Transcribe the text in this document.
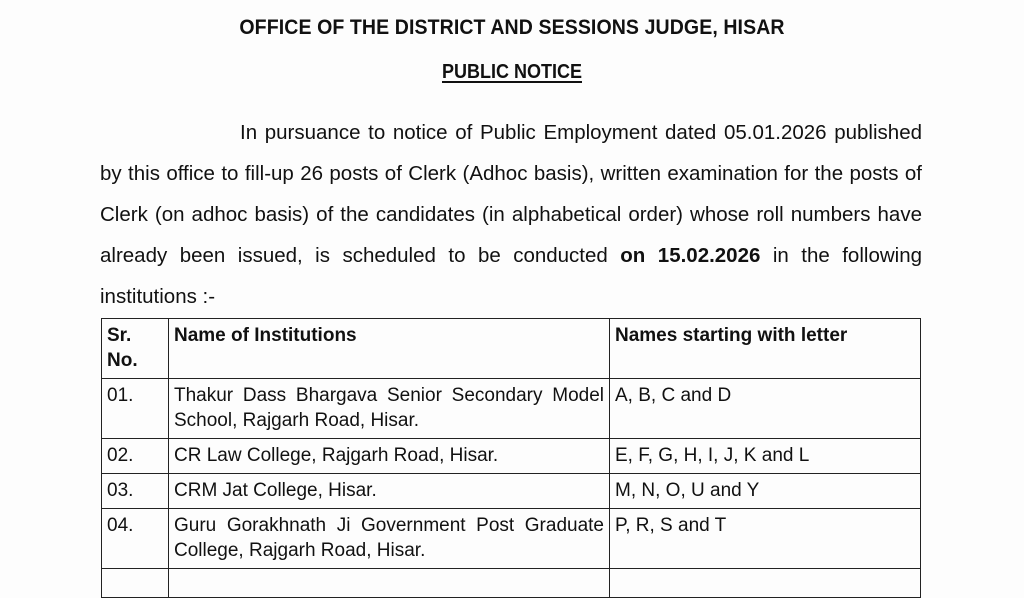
OFFICE OF THE DISTRICT AND SESSIONS JUDGE, HISAR
PUBLIC NOTICE
In pursuance to notice of Public Employment dated 05.01.2026 published by this office to fill-up 26 posts of Clerk (Adhoc basis), written examination for the posts of Clerk (on adhoc basis) of the candidates (in alphabetical order) whose roll numbers have already been issued, is scheduled to be conducted on 15.02.2026 in the following institutions :-
Sr. No.	Name of Institutions	Names starting with letter
01.	Thakur Dass Bhargava Senior Secondary Model School, Rajgarh Road, Hisar.	A, B, C and D
02.	CR Law College, Rajgarh Road, Hisar.	E, F, G, H, I, J, K and L
03.	CRM Jat College, Hisar.	M, N, O, U and Y
04.	Guru Gorakhnath Ji Government Post Graduate College, Rajgarh Road, Hisar.	P, R, S and T
